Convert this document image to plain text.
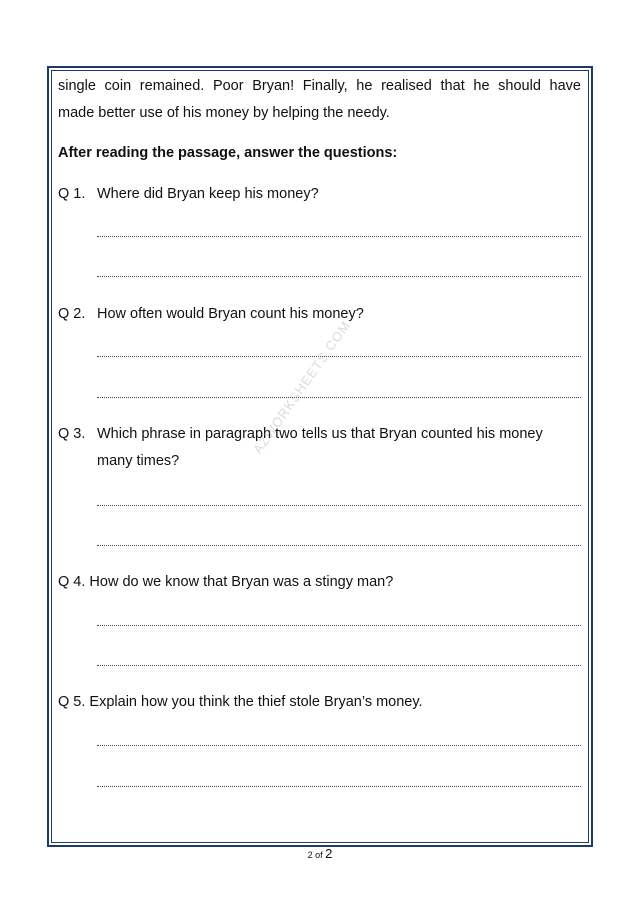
single coin remained. Poor Bryan! Finally, he realised that he should have
made better use of his money by helping the needy.
After reading the passage, answer the questions:
Q 1. Where did Bryan keep his money?
Q 2. How often would Bryan count his money?
Q 3. Which phrase in paragraph two tells us that Bryan counted his money
many times?
Q 4. How do we know that Bryan was a stingy man?
Q 5. Explain how you think the thief stole Bryan’s money.
AZWORKSHEETS.COM
2 of 2
